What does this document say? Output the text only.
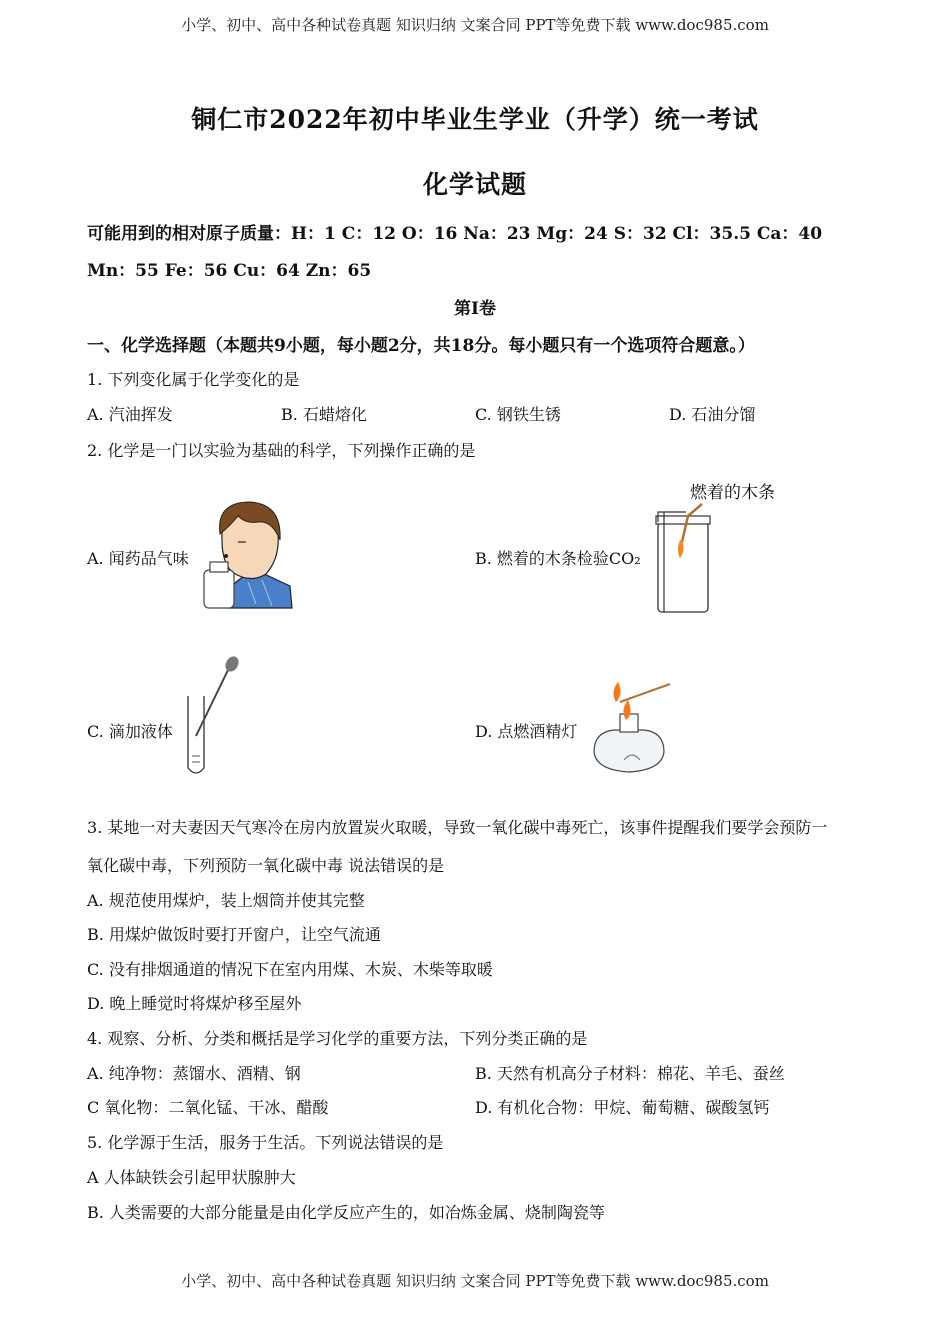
小学、初中、高中各种试卷真题 知识归纳 文案合同 PPT等免费下载 www.doc985.com
铜仁市2022年初中毕业生学业（升学）统一考试
化学试题
可能用到的相对原子质量：H：1 C：12 O：16 Na：23 Mg：24 S：32 Cl：35.5 Ca：40
Mn：55 Fe：56 Cu：64 Zn：65
第Ⅰ卷
一、化学选择题（本题共9小题，每小题2分，共18分。每小题只有一个选项符合题意。）
1. 下列变化属于化学变化的是
A. 汽油挥发	B. 石蜡熔化	C. 钢铁生锈	D. 石油分馏
2. 化学是一门以实验为基础的科学，下列操作正确的是
A. 闻药品气味	B. 燃着的木条检验CO₂
燃着的木条
C. 滴加液体	D. 点燃酒精灯
3. 某地一对夫妻因天气寒冷在房内放置炭火取暖，导致一氧化碳中毒死亡，该事件提醒我们要学会预防一
氧化碳中毒，下列预防一氧化碳中毒 说法错误的是
A. 规范使用煤炉，装上烟筒并使其完整
B. 用煤炉做饭时要打开窗户，让空气流通
C. 没有排烟通道的情况下在室内用煤、木炭、木柴等取暖
D. 晚上睡觉时将煤炉移至屋外
4. 观察、分析、分类和概括是学习化学的重要方法，下列分类正确的是
A. 纯净物：蒸馏水、酒精、钢	B. 天然有机高分子材料：棉花、羊毛、蚕丝
C 氧化物：二氧化锰、干冰、醋酸	D. 有机化合物：甲烷、葡萄糖、碳酸氢钙
5. 化学源于生活，服务于生活。下列说法错误的是
A 人体缺铁会引起甲状腺肿大
B. 人类需要的大部分能量是由化学反应产生的，如冶炼金属、烧制陶瓷等
小学、初中、高中各种试卷真题 知识归纳 文案合同 PPT等免费下载 www.doc985.com
